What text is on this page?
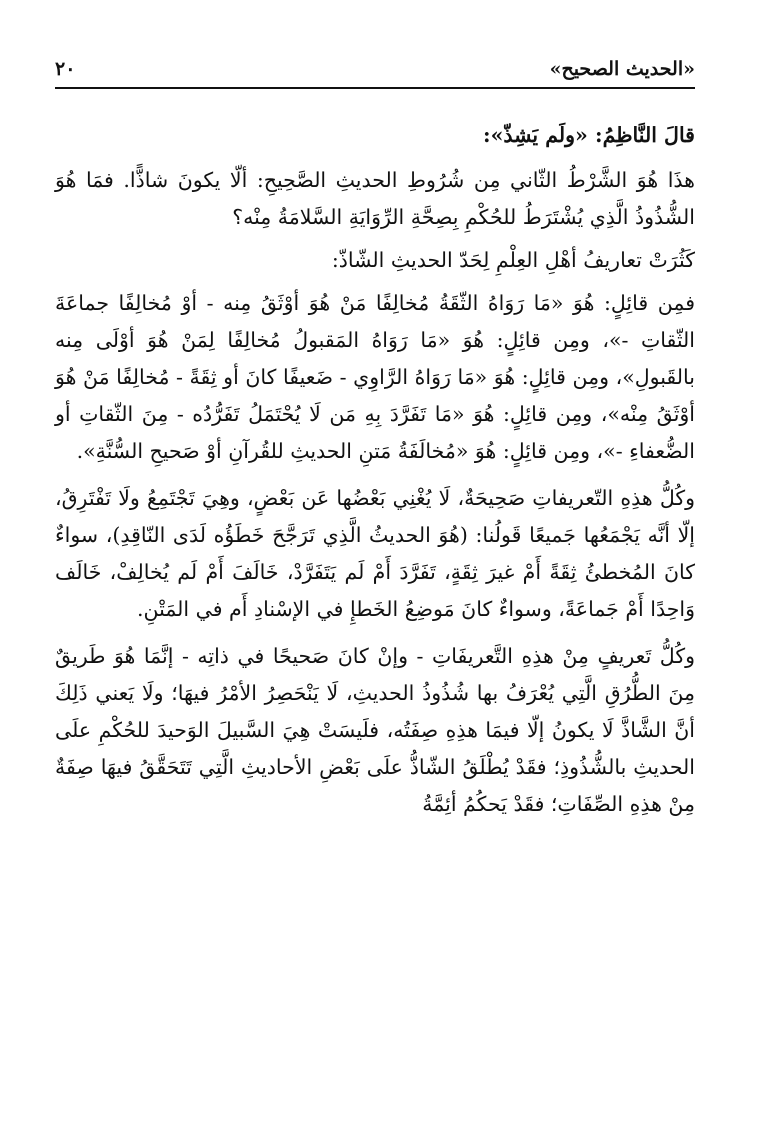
٢٠	«الحديث الصحيح»

قالَ النَّاظِمُ: «ولَم يَشِذّ»:

هذَا هُوَ الشَّرْطُ الثّاني مِن شُرُوطِ الحديثِ الصَّحِيحِ: ألّا يكونَ شاذًّا. فمَا هُوَ الشُّذُوذُ الَّذِي يُشْتَرَطُ للحُكْمِ بِصِحَّةِ الرِّوَايَةِ السَّلامَةُ مِنْه؟

كَثُرَتْ تعاريفُ أهْلِ العِلْمِ لِحَدّ الحديثِ الشّاذّ:

فمِن قائِلٍ: هُوَ «مَا رَوَاهُ الثّقَةُ مُخالِفًا مَنْ هُوَ أوْثَقُ مِنه - أوْ مُخالِفًا جماعَةَ الثّقاتِ -»، ومِن قائِلٍ: هُوَ «مَا رَوَاهُ المَقبولُ مُخالِفًا لِمَنْ هُوَ أوْلَى مِنه بالقَبولِ»، ومِن قائِلٍ: هُوَ «مَا رَوَاهُ الرَّاوِي - ضَعيفًا كانَ أو ثِقَةً - مُخالِفًا مَنْ هُوَ أوْثَقُ مِنْه»، ومِن قائِلٍ: هُوَ «مَا تَفَرَّدَ بِهِ مَن لَا يُحْتَمَلُ تَفَرُّدُه - مِنَ الثّقاتِ أو الضُّعفاءِ -»، ومِن قائِلٍ: هُوَ «مُخالَفَةُ مَتنِ الحديثِ للقُرآنِ أوْ صَحيحِ السُّنَّةِ».

وكُلُّ هذِهِ التّعريفاتِ صَحِيحَةٌ، لَا يُغْنِي بَعْضُها عَن بَعْضٍ، وهِيَ تَجْتَمِعُ ولَا تَفْتَرِقُ، إلّا أنَّه يَجْمَعُها جَميعًا قَولُنا: (هُوَ الحديثُ الَّذِي تَرَجَّحَ خَطَؤُه لَدَى النّاقِدِ)، سواءٌ كانَ المُخطئُ ثِقَةً أَمْ غيرَ ثِقَةٍ، تَفَرَّدَ أَمْ لَم يَتَفَرَّدْ، خَالَفَ أَمْ لَم يُخالِفْ، خَالَف وَاحِدًا أَمْ جَماعَةً، وسواءٌ كانَ مَوضِعُ الخَطإِ في الإسْنادِ أَم في المَتْنِ.

وكُلُّ تَعريفٍ مِنْ هذِهِ التَّعريفَاتِ - وإنْ كانَ صَحيحًا في ذاتِه - إنَّمَا هُوَ طَريقٌ مِنَ الطُّرُقِ الَّتِي يُعْرَفُ بها شُذُوذُ الحديثِ، لَا يَنْحَصِرُ الأمْرُ فيهَا؛ ولَا يَعني ذَلِكَ أنَّ الشَّاذَّ لَا يكونُ إلّا فيمَا هذِهِ صِفَتُه، فلَيسَتْ هِيَ السَّبيلَ الوَحيدَ للحُكْمِ علَى الحديثِ بالشُّذُوذِ؛ فقَدْ يُطْلَقُ الشّاذُّ علَى بَعْضِ الأحاديثِ الَّتِي تَتَحَقَّقُ فيهَا صِفَةٌ مِنْ هذِهِ الصِّفَاتِ؛ فقَدْ يَحكُمُ أئِمَّةُ
